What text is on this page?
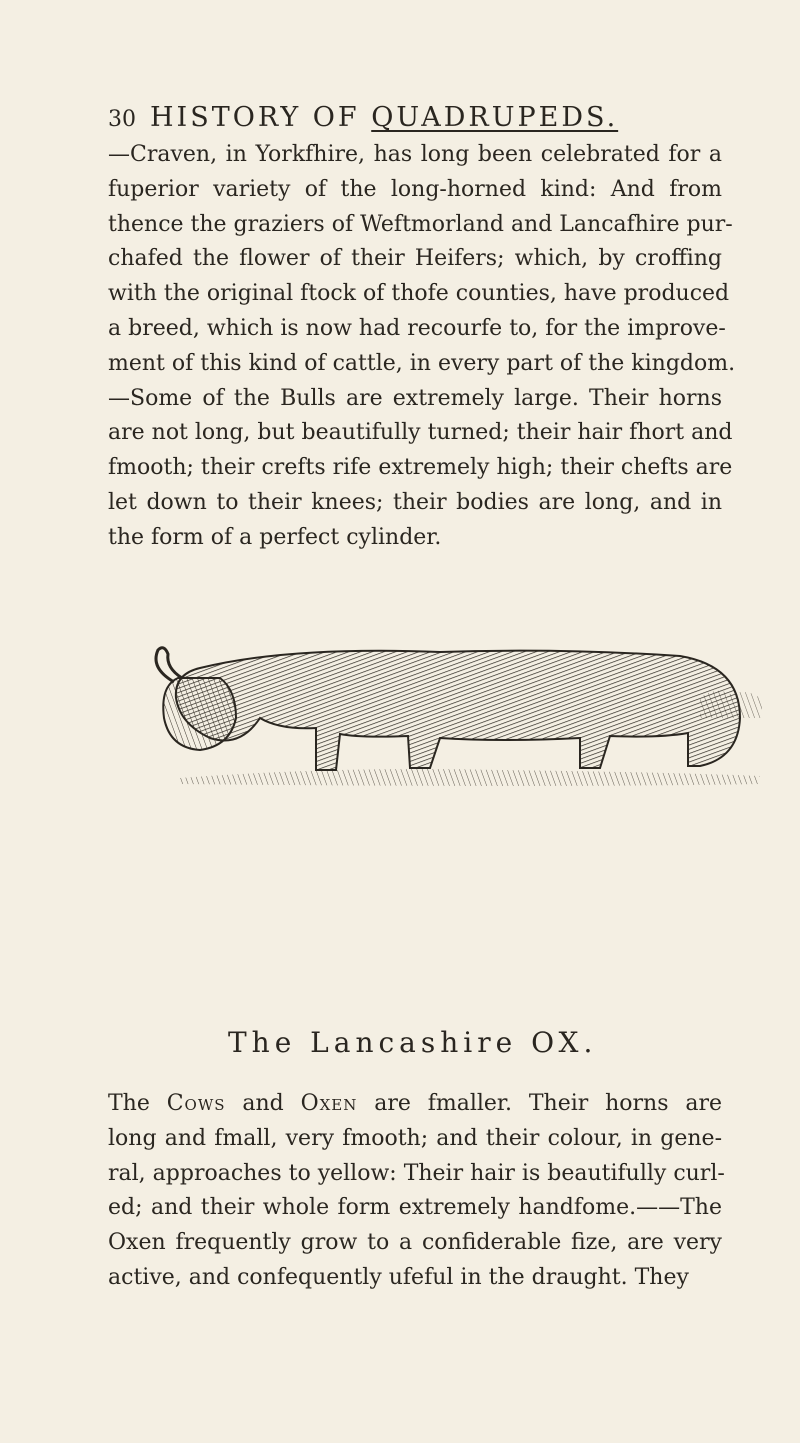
30 HISTORY OF QUADRUPEDS.
—Craven, in Yorkfhire, has long been celebrated for a
fuperior variety of the long-horned kind: And from
thence the graziers of Weftmorland and Lancafhire pur-
chafed the flower of their Heifers; which, by croffing
with the original ftock of thofe counties, have produced
a breed, which is now had recourfe to, for the improve-
ment of this kind of cattle, in every part of the kingdom.
—Some of the Bulls are extremely large. Their horns
are not long, but beautifully turned; their hair fhort and
fmooth; their crefts rife extremely high; their chefts are
let down to their knees; their bodies are long, and in
the form of a perfect cylinder.
The Lancashire OX.
The Cows and Oxen are fmaller. Their horns are
long and fmall, very fmooth; and their colour, in gene-
ral, approaches to yellow: Their hair is beautifully curl-
ed; and their whole form extremely handfome.——The
Oxen frequently grow to a confiderable fize, are very
active, and confequently ufeful in the draught. They
